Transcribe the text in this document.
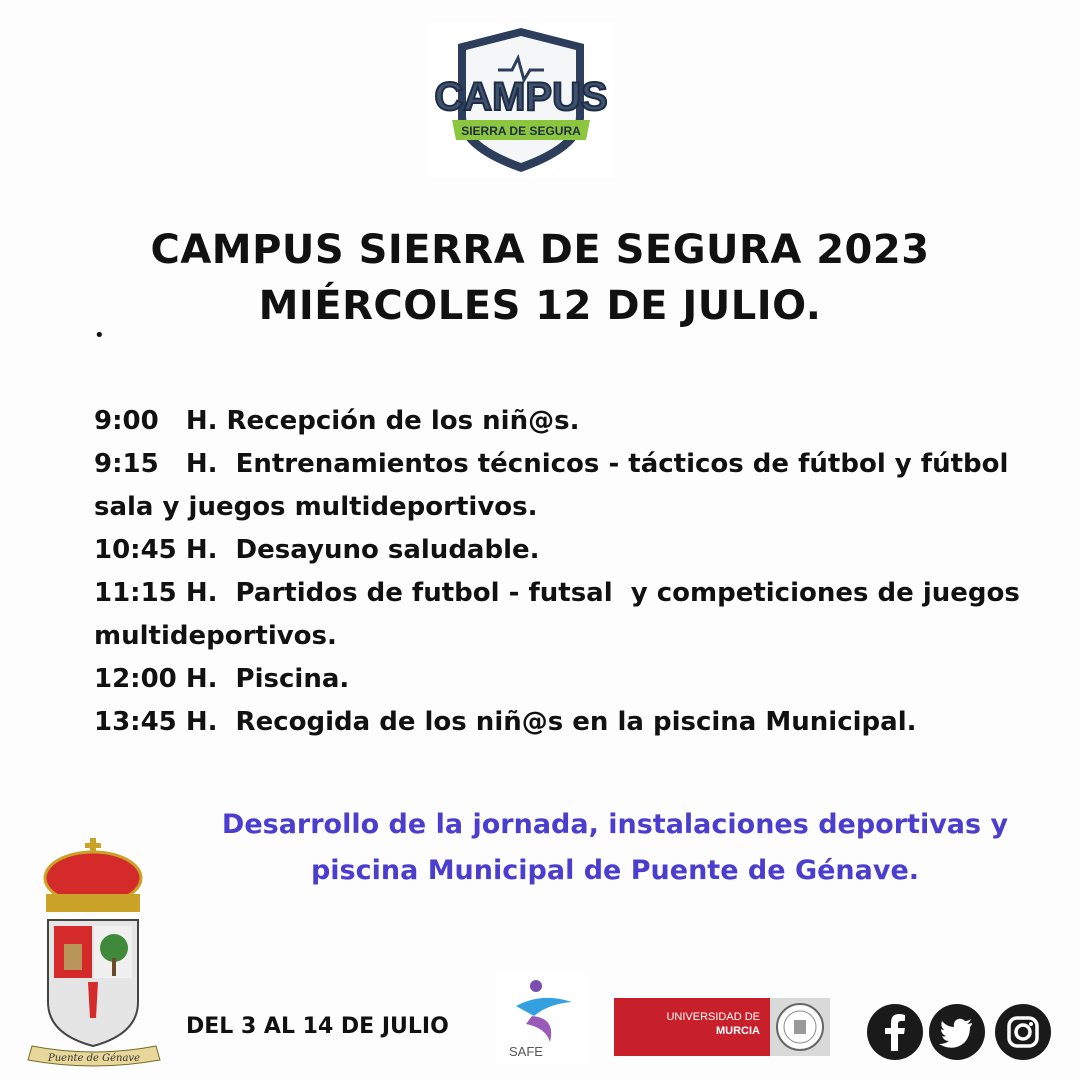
CAMPUS
SIERRA DE SEGURA
CAMPUS SIERRA DE SEGURA 2023
MIÉRCOLES 12 DE JULIO.
•
9:00   H. Recepción de los niñ@s.
9:15   H.  Entrenamientos técnicos - tácticos de fútbol y fútbol sala y juegos multideportivos.
10:45 H.  Desayuno saludable.
11:15 H.  Partidos de futbol - futsal  y competiciones de juegos multideportivos.
12:00 H.  Piscina.
13:45 H.  Recogida de los niñ@s en la piscina Municipal.
Desarrollo de la jornada, instalaciones deportivas y
piscina Municipal de Puente de Génave.
Puente de Génave
DEL 3 AL 14 DE JULIO
SAFE
UNIVERSIDAD DE
MURCIA
